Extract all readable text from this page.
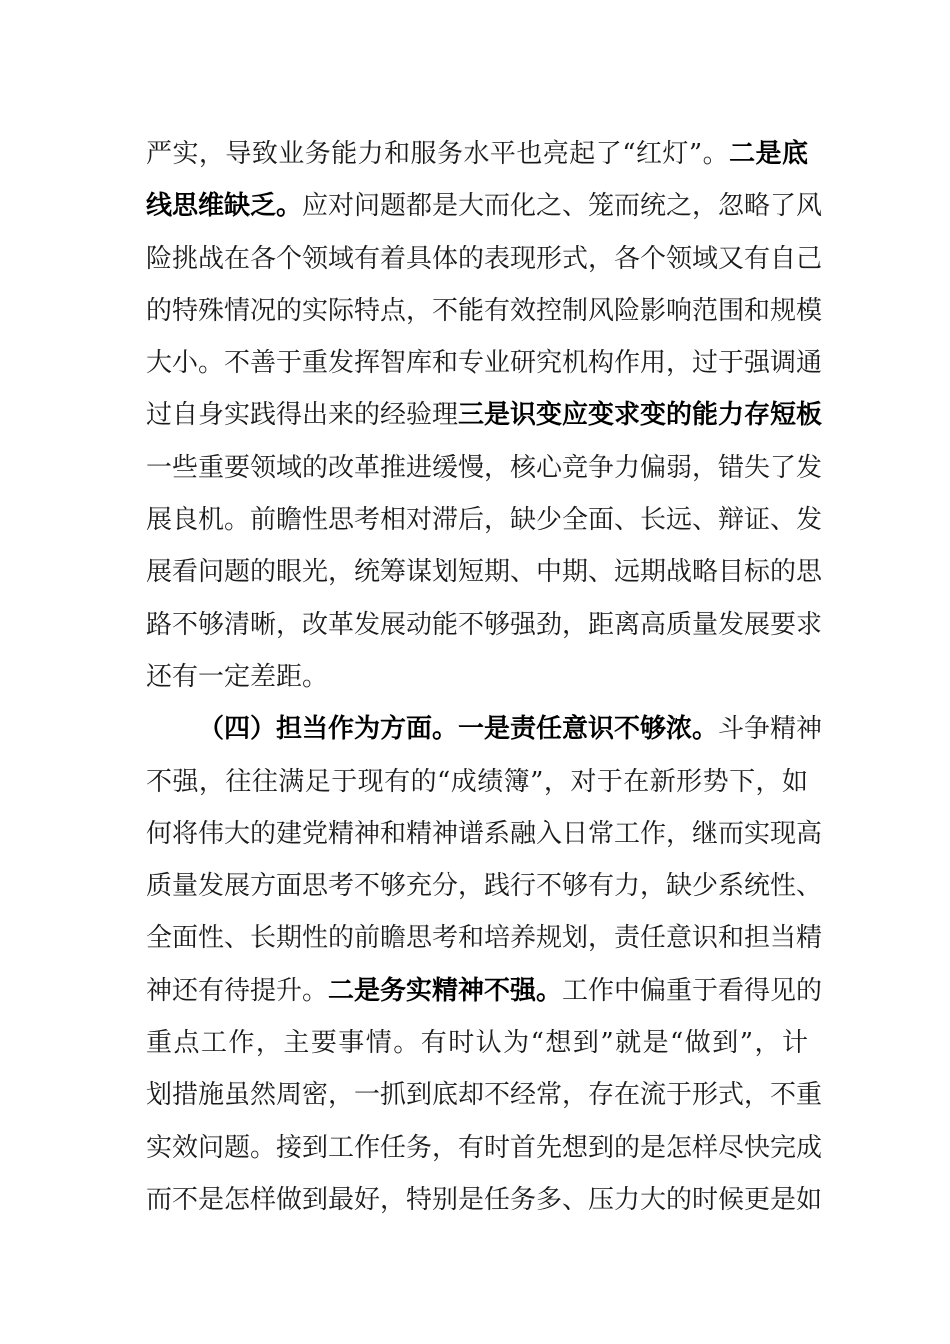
严实，导致业务能力和服务水平也亮起了“红灯”。二是底
线思维缺乏。应对问题都是大而化之、笼而统之，忽略了风
险挑战在各个领域有着具体的表现形式，各个领域又有自己
的特殊情况的实际特点，不能有效控制风险影响范围和规模
大小。不善于重发挥智库和专业研究机构作用，过于强调通
过自身实践得出来的经验理三是识变应变求变的能力存短板
一些重要领域的改革推进缓慢，核心竞争力偏弱，错失了发
展良机。前瞻性思考相对滞后，缺少全面、长远、辩证、发
展看问题的眼光，统筹谋划短期、中期、远期战略目标的思
路不够清晰，改革发展动能不够强劲，距离高质量发展要求
还有一定差距。
（四）担当作为方面。一是责任意识不够浓。斗争精神
不强，往往满足于现有的“成绩簿”，对于在新形势下，如
何将伟大的建党精神和精神谱系融入日常工作，继而实现高
质量发展方面思考不够充分，践行不够有力，缺少系统性、
全面性、长期性的前瞻思考和培养规划，责任意识和担当精
神还有待提升。二是务实精神不强。工作中偏重于看得见的
重点工作，主要事情。有时认为“想到”就是“做到”，计
划措施虽然周密，一抓到底却不经常，存在流于形式，不重
实效问题。接到工作任务，有时首先想到的是怎样尽快完成
而不是怎样做到最好，特别是任务多、压力大的时候更是如
